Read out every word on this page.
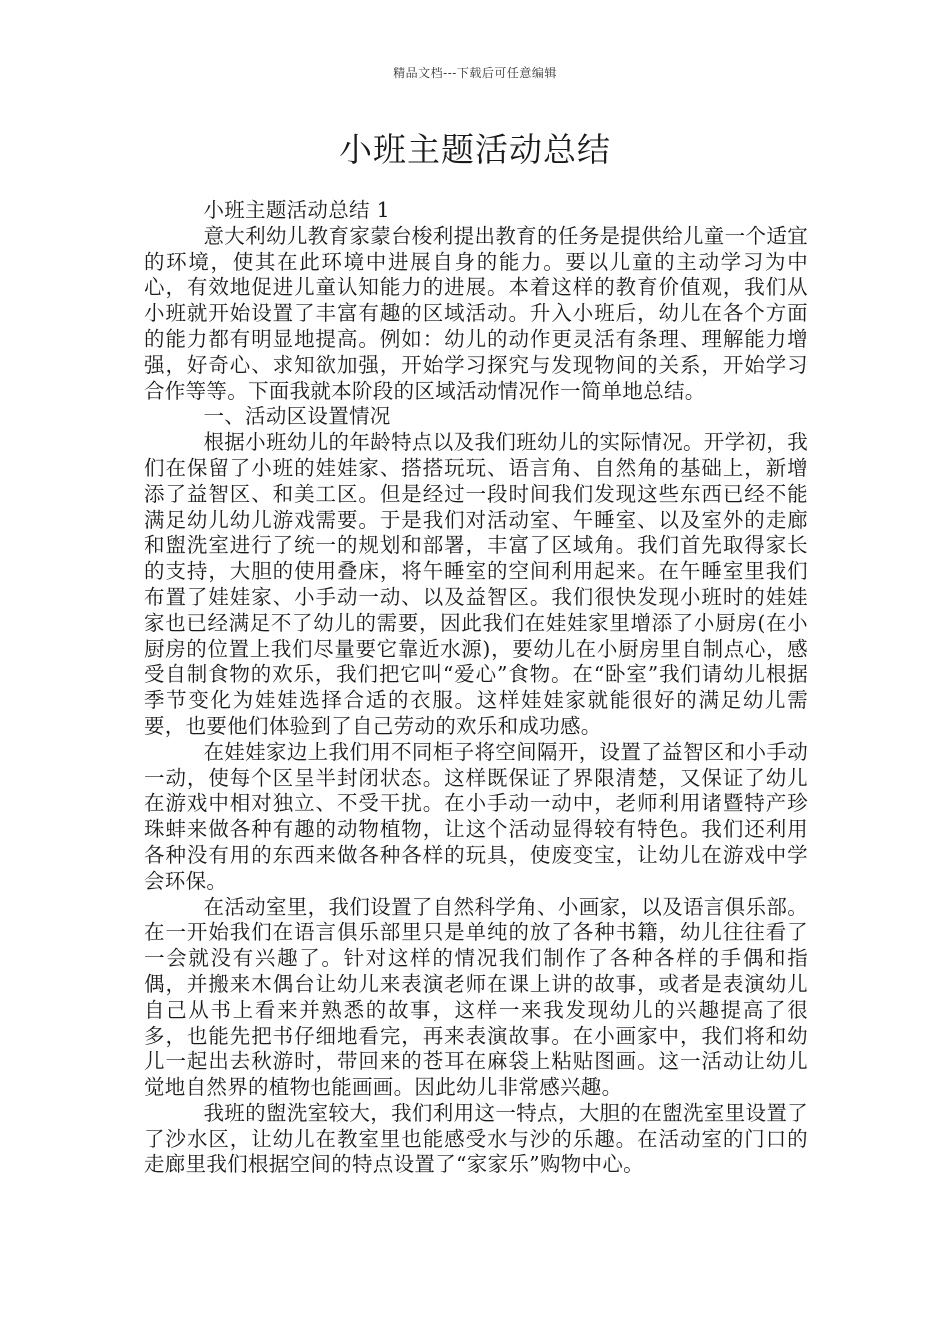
精品文档---下载后可任意编辑
小班主题活动总结

小班主题活动总结 1

意大利幼儿教育家蒙台梭利提出教育的任务是提供给儿童一个适宜的环境，使其在此环境中进展自身的能力。要以儿童的主动学习为中心，有效地促进儿童认知能力的进展。本着这样的教育价值观，我们从小班就开始设置了丰富有趣的区域活动。升入小班后，幼儿在各个方面的能力都有明显地提高。例如：幼儿的动作更灵活有条理、理解能力增强，好奇心、求知欲加强，开始学习探究与发现物间的关系，开始学习合作等等。下面我就本阶段的区域活动情况作一简单地总结。

一、活动区设置情况

根据小班幼儿的年龄特点以及我们班幼儿的实际情况。开学初，我们在保留了小班的娃娃家、搭搭玩玩、语言角、自然角的基础上，新增添了益智区、和美工区。但是经过一段时间我们发现这些东西已经不能满足幼儿幼儿游戏需要。于是我们对活动室、午睡室、以及室外的走廊和盥洗室进行了统一的规划和部署，丰富了区域角。我们首先取得家长的支持，大胆的使用叠床，将午睡室的空间利用起来。在午睡室里我们布置了娃娃家、小手动一动、以及益智区。我们很快发现小班时的娃娃家也已经满足不了幼儿的需要，因此我们在娃娃家里增添了小厨房(在小厨房的位置上我们尽量要它靠近水源)，要幼儿在小厨房里自制点心，感受自制食物的欢乐，我们把它叫“爱心”食物。在“卧室”我们请幼儿根据季节变化为娃娃选择合适的衣服。这样娃娃家就能很好的满足幼儿需要，也要他们体验到了自己劳动的欢乐和成功感。

在娃娃家边上我们用不同柜子将空间隔开，设置了益智区和小手动一动，使每个区呈半封闭状态。这样既保证了界限清楚，又保证了幼儿在游戏中相对独立、不受干扰。在小手动一动中，老师利用诸暨特产珍珠蚌来做各种有趣的动物植物，让这个活动显得较有特色。我们还利用各种没有用的东西来做各种各样的玩具，使废变宝，让幼儿在游戏中学会环保。

在活动室里，我们设置了自然科学角、小画家，以及语言俱乐部。在一开始我们在语言俱乐部里只是单纯的放了各种书籍，幼儿往往看了一会就没有兴趣了。针对这样的情况我们制作了各种各样的手偶和指偶，并搬来木偶台让幼儿来表演老师在课上讲的故事，或者是表演幼儿自己从书上看来并熟悉的故事，这样一来我发现幼儿的兴趣提高了很多，也能先把书仔细地看完，再来表演故事。在小画家中，我们将和幼儿一起出去秋游时，带回来的苍耳在麻袋上粘贴图画。这一活动让幼儿觉地自然界的植物也能画画。因此幼儿非常感兴趣。

我班的盥洗室较大，我们利用这一特点，大胆的在盥洗室里设置了了沙水区，让幼儿在教室里也能感受水与沙的乐趣。在活动室的门口的走廊里我们根据空间的特点设置了“家家乐”购物中心。
